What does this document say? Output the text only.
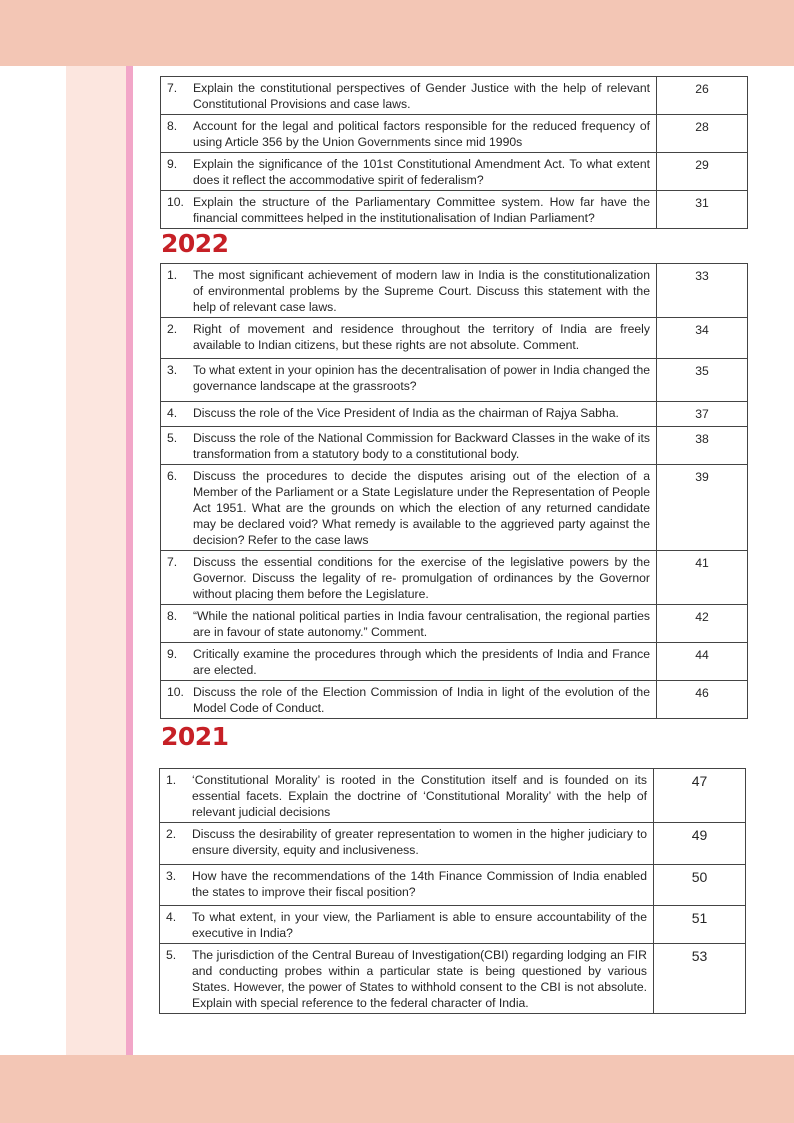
7. Explain the constitutional perspectives of Gender Justice with the help of relevant Constitutional Provisions and case laws.	26
8. Account for the legal and political factors responsible for the reduced frequency of using Article 356 by the Union Governments since mid 1990s	28
9. Explain the significance of the 101st Constitutional Amendment Act. To what extent does it reflect the accommodative spirit of federalism?	29
10. Explain the structure of the Parliamentary Committee system. How far have the financial committees helped in the institutionalisation of Indian Parliament?	31
2022
1. The most significant achievement of modern law in India is the constitutionalization of environmental problems by the Supreme Court. Discuss this statement with the help of relevant case laws.	33
2. Right of movement and residence throughout the territory of India are freely available to Indian citizens, but these rights are not absolute. Comment.	34
3. To what extent in your opinion has the decentralisation of power in India changed the governance landscape at the grassroots?	35
4. Discuss the role of the Vice President of India as the chairman of Rajya Sabha.	37
5. Discuss the role of the National Commission for Backward Classes in the wake of its transformation from a statutory body to a constitutional body.	38
6. Discuss the procedures to decide the disputes arising out of the election of a Member of the Parliament or a State Legislature under the Representation of People Act 1951. What are the grounds on which the election of any returned candidate may be declared void? What remedy is available to the aggrieved party against the decision? Refer to the case laws	39
7. Discuss the essential conditions for the exercise of the legislative powers by the Governor. Discuss the legality of re- promulgation of ordinances by the Governor without placing them before the Legislature.	41
8. “While the national political parties in India favour centralisation, the regional parties are in favour of state autonomy.” Comment.	42
9. Critically examine the procedures through which the presidents of India and France are elected.	44
10. Discuss the role of the Election Commission of India in light of the evolution of the Model Code of Conduct.	46
2021
1. ‘Constitutional Morality’ is rooted in the Constitution itself and is founded on its essential facets. Explain the doctrine of ‘Constitutional Morality’ with the help of relevant judicial decisions	47
2. Discuss the desirability of greater representation to women in the higher judiciary to ensure diversity, equity and inclusiveness.	49
3. How have the recommendations of the 14th Finance Commission of India enabled the states to improve their fiscal position?	50
4. To what extent, in your view, the Parliament is able to ensure accountability of the executive in India?	51
5. The jurisdiction of the Central Bureau of Investigation(CBI) regarding lodging an FIR and conducting probes within a particular state is being questioned by various States. However, the power of States to withhold consent to the CBI is not absolute. Explain with special reference to the federal character of India.	53
